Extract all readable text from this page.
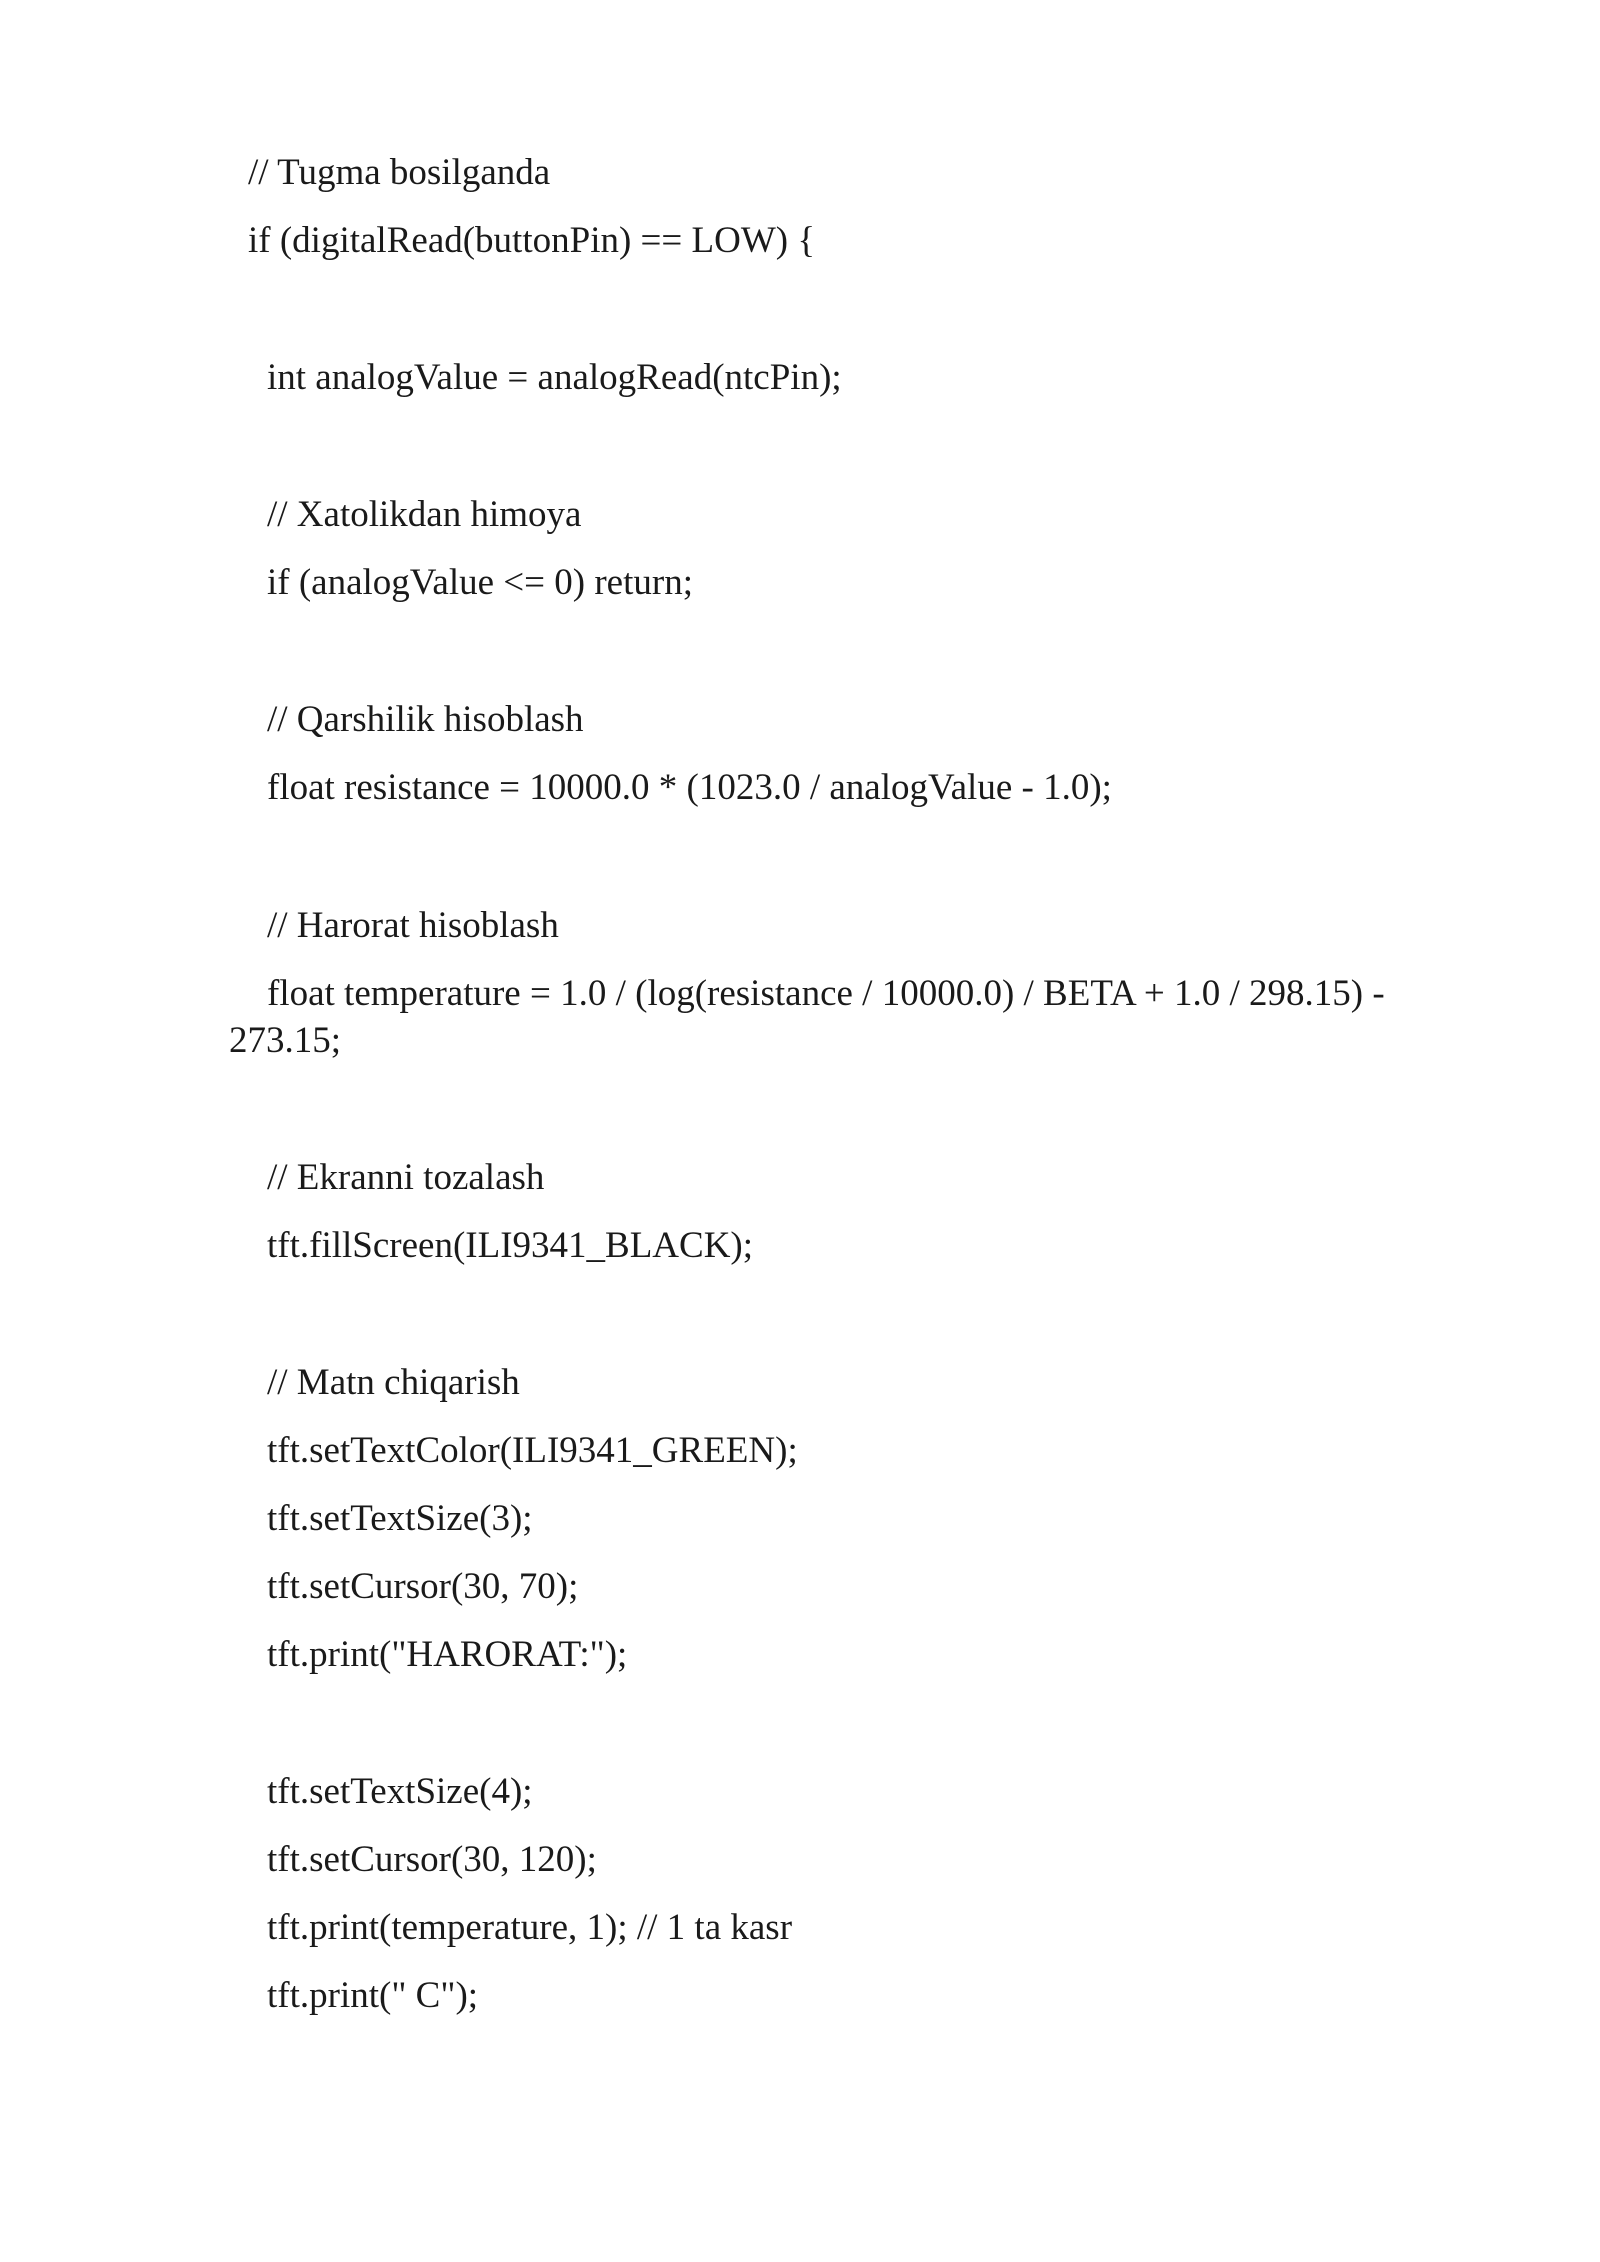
// Tugma bosilganda

if (digitalRead(buttonPin) == LOW) {

int analogValue = analogRead(ntcPin);

// Xatolikdan himoya

if (analogValue <= 0) return;

// Qarshilik hisoblash

float resistance = 10000.0 * (1023.0 / analogValue - 1.0);

// Harorat hisoblash

float temperature = 1.0 / (log(resistance / 10000.0) / BETA + 1.0 / 298.15) -

273.15;

// Ekranni tozalash

tft.fillScreen(ILI9341_BLACK);

// Matn chiqarish

tft.setTextColor(ILI9341_GREEN);

tft.setTextSize(3);

tft.setCursor(30, 70);

tft.print("HARORAT:");

tft.setTextSize(4);

tft.setCursor(30, 120);

tft.print(temperature, 1); // 1 ta kasr

tft.print(" C");
